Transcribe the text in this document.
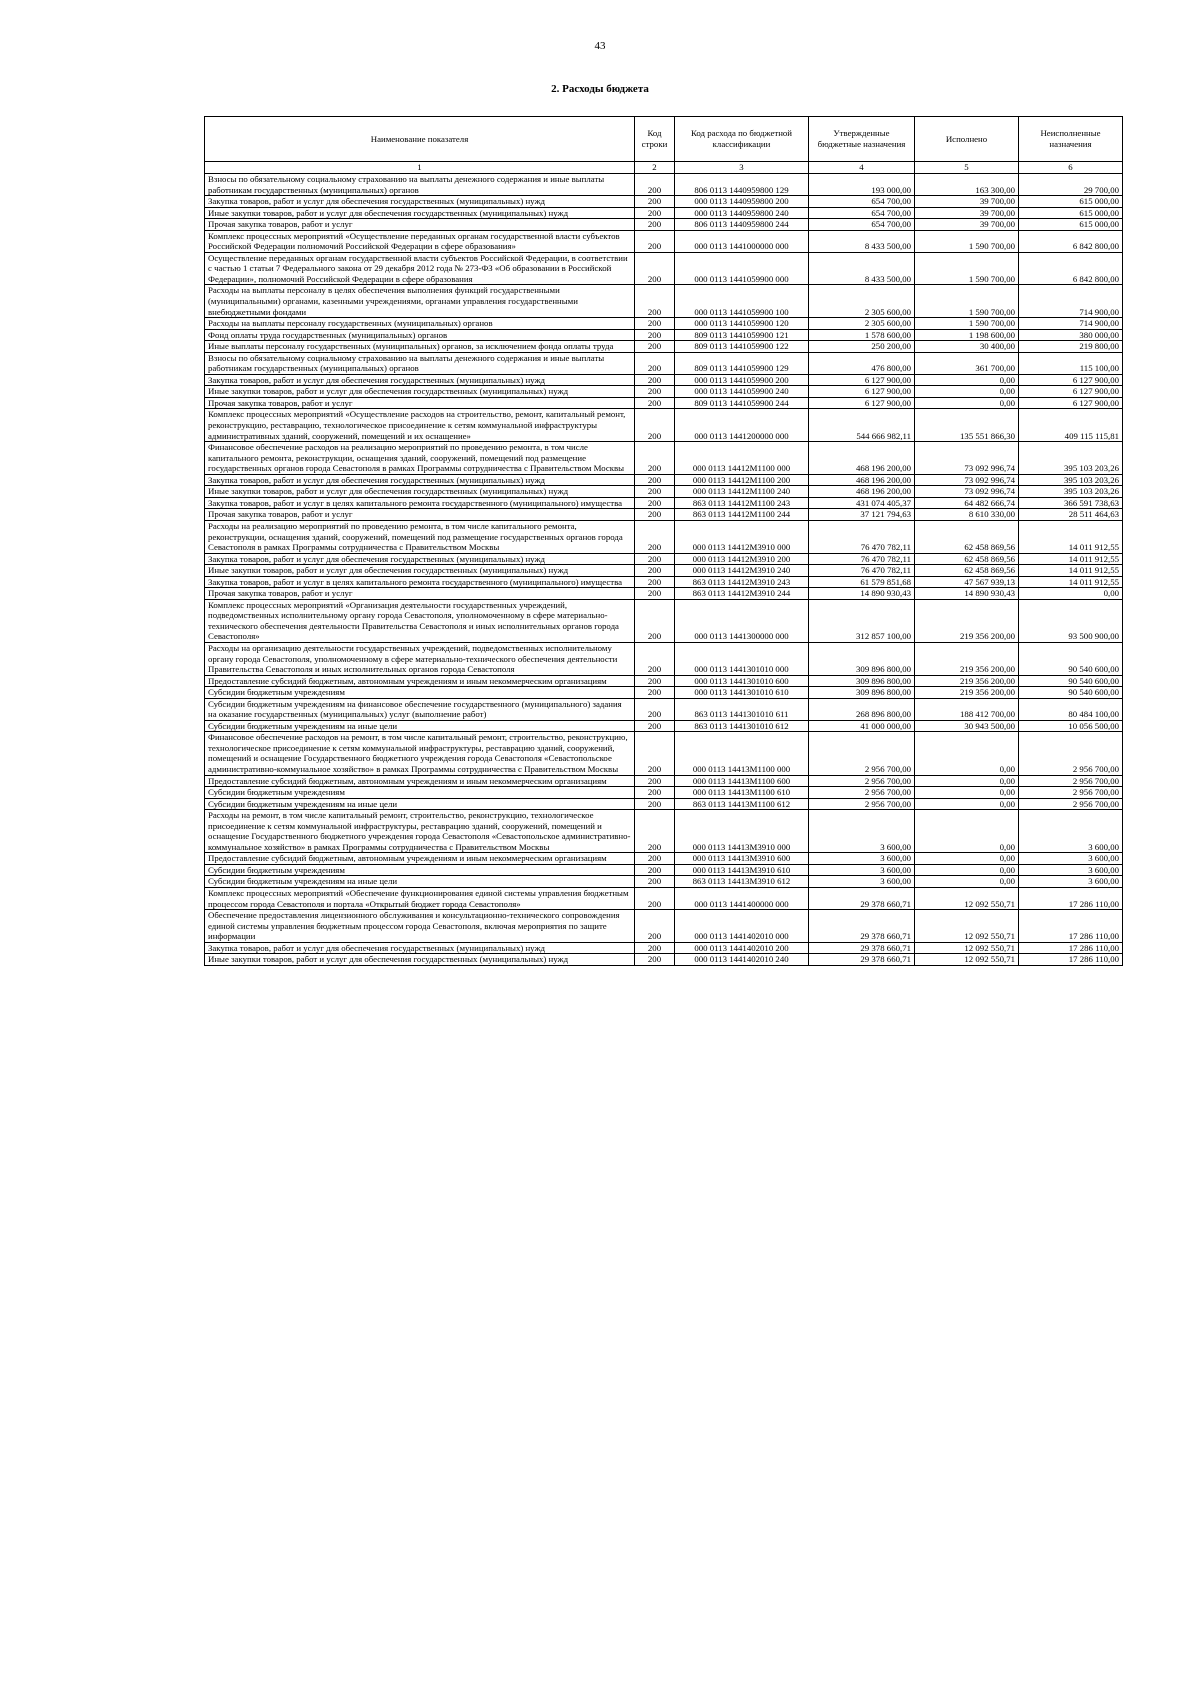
43
2. Расходы бюджета
Наименование показателя	Код строки	Код расхода по бюджетной классификации	Утвержденные бюджетные назначения	Исполнено	Неисполненные назначения
1	2	3	4	5	6
Взносы по обязательному социальному страхованию на выплаты денежного содержания и иные выплаты работникам государственных (муниципальных) органов	200	806 0113 1440959800 129	193 000,00	163 300,00	29 700,00
Закупка товаров, работ и услуг для обеспечения государственных (муниципальных) нужд	200	000 0113 1440959800 200	654 700,00	39 700,00	615 000,00
Иные закупки товаров, работ и услуг для обеспечения государственных (муниципальных) нужд	200	000 0113 1440959800 240	654 700,00	39 700,00	615 000,00
Прочая закупка товаров, работ и услуг	200	806 0113 1440959800 244	654 700,00	39 700,00	615 000,00
Комплекс процессных мероприятий «Осуществление переданных органам государственной власти субъектов Российской Федерации полномочий Российской Федерации в сфере образования»	200	000 0113 1441000000 000	8 433 500,00	1 590 700,00	6 842 800,00
Осуществление переданных органам государственной власти субъектов Российской Федерации, в соответствии с частью 1 статьи 7 Федерального закона от 29 декабря 2012 года № 273-ФЗ «Об образовании в Российской Федерации», полномочий Российской Федерации в сфере образования	200	000 0113 1441059900 000	8 433 500,00	1 590 700,00	6 842 800,00
Расходы на выплаты персоналу в целях обеспечения выполнения функций государственными (муниципальными) органами, казенными учреждениями, органами управления государственными внебюджетными фондами	200	000 0113 1441059900 100	2 305 600,00	1 590 700,00	714 900,00
Расходы на выплаты персоналу государственных (муниципальных) органов	200	000 0113 1441059900 120	2 305 600,00	1 590 700,00	714 900,00
Фонд оплаты труда государственных (муниципальных) органов	200	809 0113 1441059900 121	1 578 600,00	1 198 600,00	380 000,00
Иные выплаты персоналу государственных (муниципальных) органов, за исключением фонда оплаты труда	200	809 0113 1441059900 122	250 200,00	30 400,00	219 800,00
Взносы по обязательному социальному страхованию на выплаты денежного содержания и иные выплаты работникам государственных (муниципальных) органов	200	809 0113 1441059900 129	476 800,00	361 700,00	115 100,00
Закупка товаров, работ и услуг для обеспечения государственных (муниципальных) нужд	200	000 0113 1441059900 200	6 127 900,00	0,00	6 127 900,00
Иные закупки товаров, работ и услуг для обеспечения государственных (муниципальных) нужд	200	000 0113 1441059900 240	6 127 900,00	0,00	6 127 900,00
Прочая закупка товаров, работ и услуг	200	809 0113 1441059900 244	6 127 900,00	0,00	6 127 900,00
Комплекс процессных мероприятий «Осуществление расходов на строительство, ремонт, капитальный ремонт, реконструкцию, реставрацию, технологическое присоединение к сетям коммунальной инфраструктуры административных зданий, сооружений, помещений и их оснащение»	200	000 0113 1441200000 000	544 666 982,11	135 551 866,30	409 115 115,81
Финансовое обеспечение расходов на реализацию мероприятий по проведению ремонта, в том числе капитального ремонта, реконструкции, оснащения зданий, сооружений, помещений под размещение государственных органов города Севастополя в рамках Программы сотрудничества с Правительством Москвы	200	000 0113 14412M1100 000	468 196 200,00	73 092 996,74	395 103 203,26
Закупка товаров, работ и услуг для обеспечения государственных (муниципальных) нужд	200	000 0113 14412M1100 200	468 196 200,00	73 092 996,74	395 103 203,26
Иные закупки товаров, работ и услуг для обеспечения государственных (муниципальных) нужд	200	000 0113 14412M1100 240	468 196 200,00	73 092 996,74	395 103 203,26
Закупка товаров, работ и услуг в целях капитального ремонта государственного (муниципального) имущества	200	863 0113 14412M1100 243	431 074 405,37	64 482 666,74	366 591 738,63
Прочая закупка товаров, работ и услуг	200	863 0113 14412M1100 244	37 121 794,63	8 610 330,00	28 511 464,63
Расходы на реализацию мероприятий по проведению ремонта, в том числе капитального ремонта, реконструкции, оснащения зданий, сооружений, помещений под размещение государственных органов города Севастополя в рамках Программы сотрудничества с Правительством Москвы	200	000 0113 14412M3910 000	76 470 782,11	62 458 869,56	14 011 912,55
Закупка товаров, работ и услуг для обеспечения государственных (муниципальных) нужд	200	000 0113 14412M3910 200	76 470 782,11	62 458 869,56	14 011 912,55
Иные закупки товаров, работ и услуг для обеспечения государственных (муниципальных) нужд	200	000 0113 14412M3910 240	76 470 782,11	62 458 869,56	14 011 912,55
Закупка товаров, работ и услуг в целях капитального ремонта государственного (муниципального) имущества	200	863 0113 14412M3910 243	61 579 851,68	47 567 939,13	14 011 912,55
Прочая закупка товаров, работ и услуг	200	863 0113 14412M3910 244	14 890 930,43	14 890 930,43	0,00
Комплекс процессных мероприятий «Организация деятельности государственных учреждений, подведомственных исполнительному органу города Севастополя, уполномоченному в сфере материально-технического обеспечения деятельности Правительства Севастополя и иных исполнительных органов города Севастополя»	200	000 0113 1441300000 000	312 857 100,00	219 356 200,00	93 500 900,00
Расходы на организацию деятельности государственных учреждений, подведомственных исполнительному органу города Севастополя, уполномоченному в сфере материально-технического обеспечения деятельности Правительства Севастополя и иных исполнительных органов города Севастополя	200	000 0113 1441301010 000	309 896 800,00	219 356 200,00	90 540 600,00
Предоставление субсидий бюджетным, автономным учреждениям и иным некоммерческим организациям	200	000 0113 1441301010 600	309 896 800,00	219 356 200,00	90 540 600,00
Субсидии бюджетным учреждениям	200	000 0113 1441301010 610	309 896 800,00	219 356 200,00	90 540 600,00
Субсидии бюджетным учреждениям на финансовое обеспечение государственного (муниципального) задания на оказание государственных (муниципальных) услуг (выполнение работ)	200	863 0113 1441301010 611	268 896 800,00	188 412 700,00	80 484 100,00
Субсидии бюджетным учреждениям на иные цели	200	863 0113 1441301010 612	41 000 000,00	30 943 500,00	10 056 500,00
Финансовое обеспечение расходов на ремонт, в том числе капитальный ремонт, строительство, реконструкцию, технологическое присоединение к сетям коммунальной инфраструктуры, реставрацию зданий, сооружений, помещений и оснащение Государственного бюджетного учреждения города Севастополя «Севастопольское административно-коммунальное хозяйство» в рамках Программы сотрудничества с Правительством Москвы	200	000 0113 14413M1100 000	2 956 700,00	0,00	2 956 700,00
Предоставление субсидий бюджетным, автономным учреждениям и иным некоммерческим организациям	200	000 0113 14413M1100 600	2 956 700,00	0,00	2 956 700,00
Субсидии бюджетным учреждениям	200	000 0113 14413M1100 610	2 956 700,00	0,00	2 956 700,00
Субсидии бюджетным учреждениям на иные цели	200	863 0113 14413M1100 612	2 956 700,00	0,00	2 956 700,00
Расходы на ремонт, в том числе капитальный ремонт, строительство, реконструкцию, технологическое присоединение к сетям коммунальной инфраструктуры, реставрацию зданий, сооружений, помещений и оснащение Государственного бюджетного учреждения города Севастополя «Севастопольское административно-коммунальное хозяйство» в рамках Программы сотрудничества с Правительством Москвы	200	000 0113 14413M3910 000	3 600,00	0,00	3 600,00
Предоставление субсидий бюджетным, автономным учреждениям и иным некоммерческим организациям	200	000 0113 14413M3910 600	3 600,00	0,00	3 600,00
Субсидии бюджетным учреждениям	200	000 0113 14413M3910 610	3 600,00	0,00	3 600,00
Субсидии бюджетным учреждениям на иные цели	200	863 0113 14413M3910 612	3 600,00	0,00	3 600,00
Комплекс процессных мероприятий «Обеспечение функционирования единой системы управления бюджетным процессом города Севастополя и портала «Открытый бюджет города Севастополя»	200	000 0113 1441400000 000	29 378 660,71	12 092 550,71	17 286 110,00
Обеспечение предоставления лицензионного обслуживания и консультационно-технического сопровождения единой системы управления бюджетным процессом города Севастополя, включая мероприятия по защите информации	200	000 0113 1441402010 000	29 378 660,71	12 092 550,71	17 286 110,00
Закупка товаров, работ и услуг для обеспечения государственных (муниципальных) нужд	200	000 0113 1441402010 200	29 378 660,71	12 092 550,71	17 286 110,00
Иные закупки товаров, работ и услуг для обеспечения государственных (муниципальных) нужд	200	000 0113 1441402010 240	29 378 660,71	12 092 550,71	17 286 110,00
